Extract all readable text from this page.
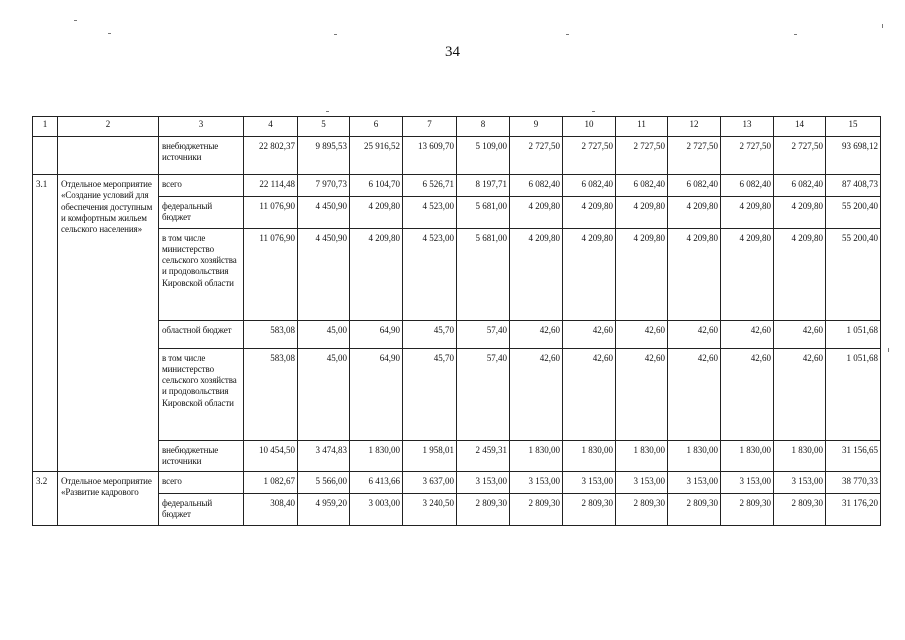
34
1	2	3	4	5	6	7	8	9	10	11	12	13	14	15
		внебюджетные источники	22 802,37	9 895,53	25 916,52	13 609,70	5 109,00	2 727,50	2 727,50	2 727,50	2 727,50	2 727,50	2 727,50	93 698,12
3.1	Отдельное мероприятие «Создание условий для обеспечения доступным и комфортным жильем сельского населения»	всего	22 114,48	7 970,73	6 104,70	6 526,71	8 197,71	6 082,40	6 082,40	6 082,40	6 082,40	6 082,40	6 082,40	87 408,73
		федеральный бюджет	11 076,90	4 450,90	4 209,80	4 523,00	5 681,00	4 209,80	4 209,80	4 209,80	4 209,80	4 209,80	4 209,80	55 200,40
		в том числе министерство сельского хозяйства и продовольствия Кировской области	11 076,90	4 450,90	4 209,80	4 523,00	5 681,00	4 209,80	4 209,80	4 209,80	4 209,80	4 209,80	4 209,80	55 200,40
		областной бюджет	583,08	45,00	64,90	45,70	57,40	42,60	42,60	42,60	42,60	42,60	42,60	1 051,68
		в том числе министерство сельского хозяйства и продовольствия Кировской области	583,08	45,00	64,90	45,70	57,40	42,60	42,60	42,60	42,60	42,60	42,60	1 051,68
		внебюджетные источники	10 454,50	3 474,83	1 830,00	1 958,01	2 459,31	1 830,00	1 830,00	1 830,00	1 830,00	1 830,00	1 830,00	31 156,65
3.2	Отдельное мероприятие «Развитие кадрового	всего	1 082,67	5 566,00	6 413,66	3 637,00	3 153,00	3 153,00	3 153,00	3 153,00	3 153,00	3 153,00	3 153,00	38 770,33
		федеральный бюджет	308,40	4 959,20	3 003,00	3 240,50	2 809,30	2 809,30	2 809,30	2 809,30	2 809,30	2 809,30	2 809,30	31 176,20
